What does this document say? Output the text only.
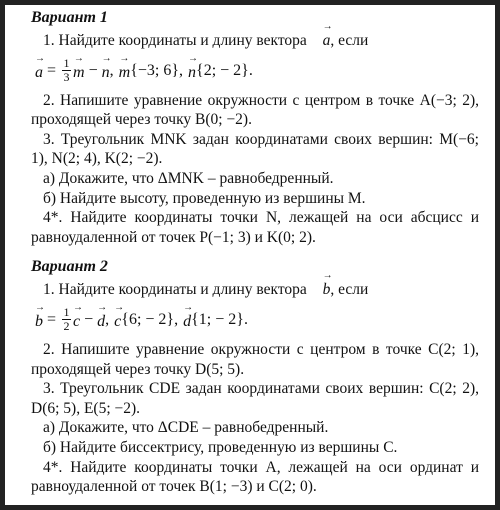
Вариант 1
1. Найдите координаты и длину вектора → a, если
→ $a = \frac{1}{3}$
→ m −
→ n ,
→ m {−3; 6} ,
→ n {2; − 2}.
2. Напишите уравнение окружности с центром в точке A(−3; 2), проходящей через точку B(0; −2).
3. Треугольник MNK задан координатами своих вершин: M(−6; 1), N(2; 4), K(2; −2).
а) Докажите, что ΔMNK – равнобедренный.
б) Найдите высоту, проведенную из вершины M.
4*. Найдите координаты точки N, лежащей на оси абсцисс и равноудаленной от точек P(−1; 3) и K(0; 2).
Вариант 2
1. Найдите координаты и длину вектора → b, если
→ $b = \frac{1}{2}$
→ c −
→ d ,
→ c {6; − 2} ,
→ d {1; − 2}.
2. Напишите уравнение окружности с центром в точке C(2; 1), проходящей через точку D(5; 5).
3. Треугольник CDE задан координатами своих вершин: C(2; 2), D(6; 5), E(5; −2).
а) Докажите, что ΔCDE – равнобедренный.
б) Найдите биссектрису, проведенную из вершины C.
4*. Найдите координаты точки A, лежащей на оси ординат и равноудаленной от точек B(1; −3) и C(2; 0).
